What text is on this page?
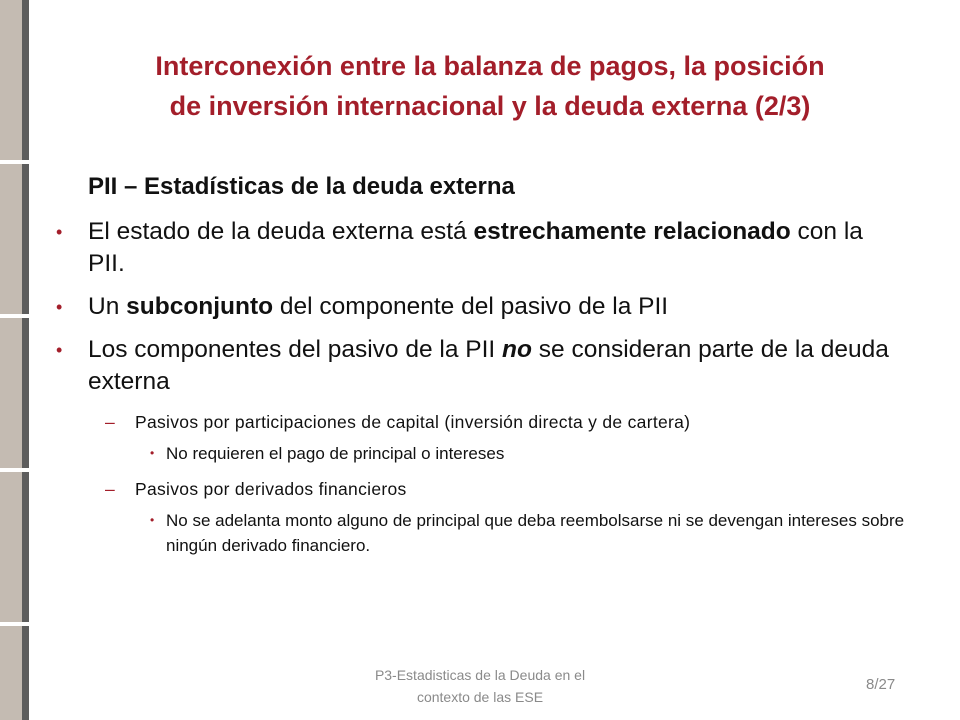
Interconexión entre la balanza de pagos, la posición
de inversión internacional y la deuda externa (2/3)
PII – Estadísticas de la deuda externa
• El estado de la deuda externa está estrechamente relacionado con la PII.
• Un subconjunto del componente del pasivo de la PII
• Los componentes del pasivo de la PII no se consideran parte de la deuda externa
– Pasivos por participaciones de capital (inversión directa y de cartera)
• No requieren el pago de principal o intereses
– Pasivos por derivados financieros
• No se adelanta monto alguno de principal que deba reembolsarse ni se devengan intereses sobre ningún derivado financiero.
P3-Estadisticas de la Deuda en el
contexto de las ESE
8/27
